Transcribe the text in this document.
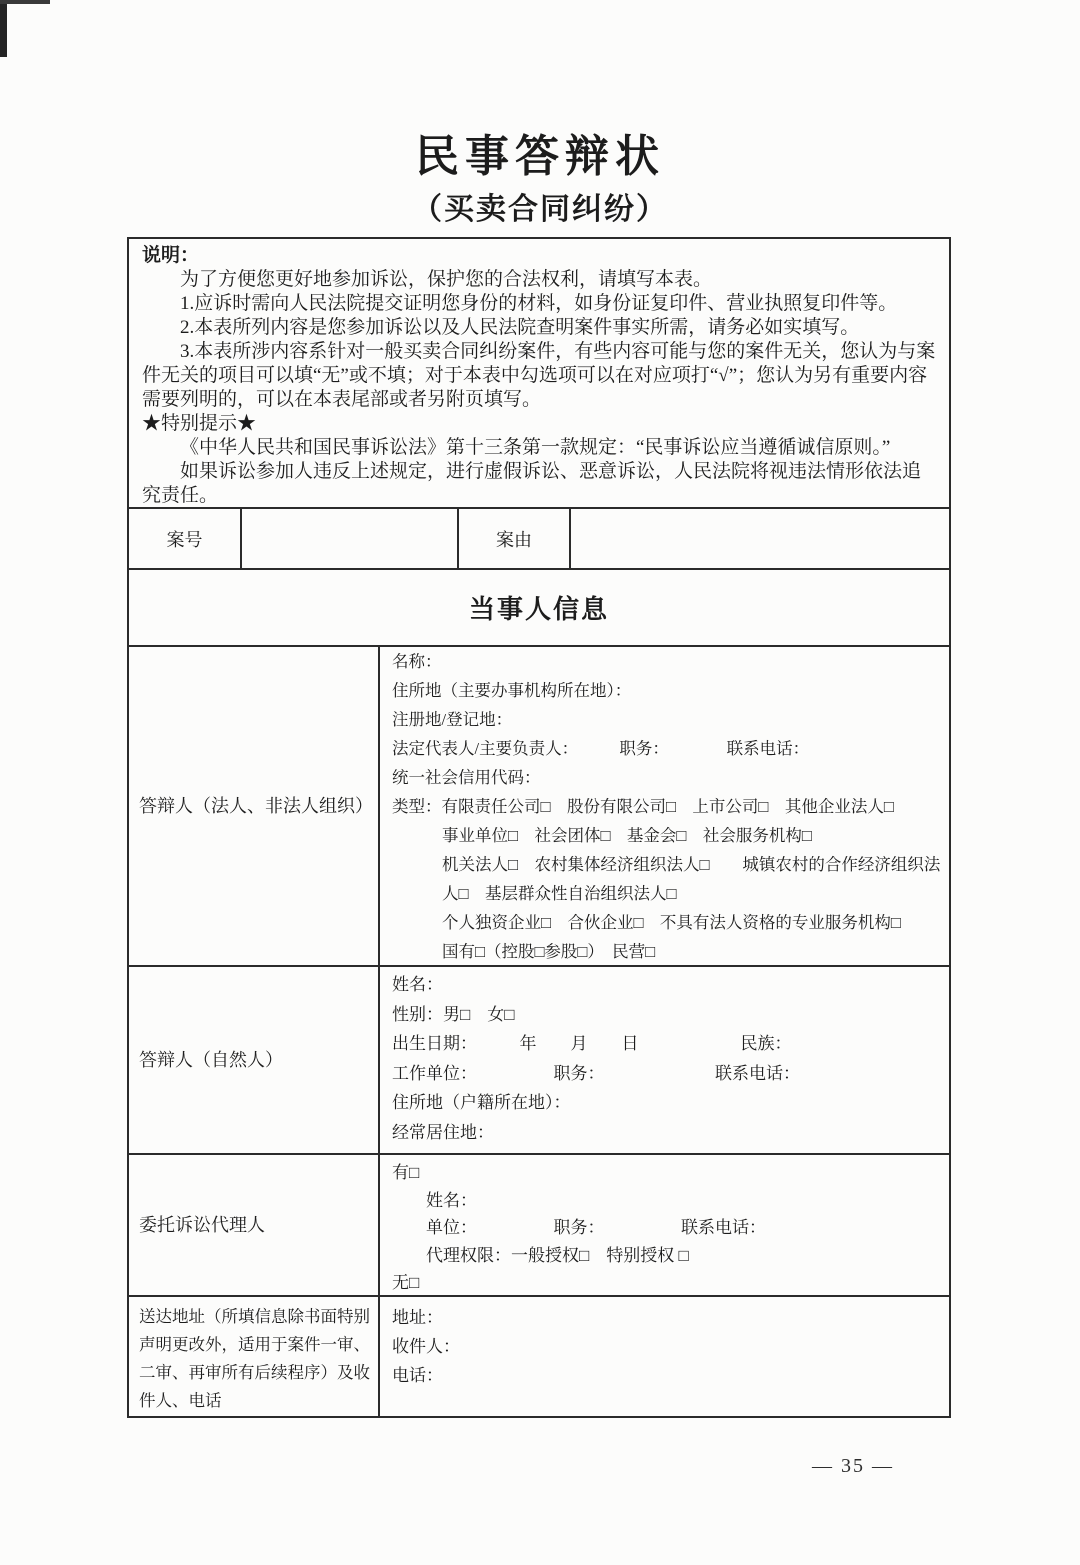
民事答辩状
（买卖合同纠纷）

说明：

为了方便您更好地参加诉讼，保护您的合法权利，请填写本表。

1.应诉时需向人民法院提交证明您身份的材料，如身份证复印件、营业执照复印件等。

2.本表所列内容是您参加诉讼以及人民法院查明案件事实所需，请务必如实填写。

3.本表所涉内容系针对一般买卖合同纠纷案件，有些内容可能与您的案件无关，您认为与案件无关的项目可以填“无”或不填；对于本表中勾选项可以在对应项打“√”；您认为另有重要内容需要列明的，可以在本表尾部或者另附页填写。

★特别提示★

《中华人民共和国民事诉讼法》第十三条第一款规定：“民事诉讼应当遵循诚信原则。”

如果诉讼参加人违反上述规定，进行虚假诉讼、恶意诉讼，人民法院将视违法情形依法追究责任。

案号	案由
当事人信息
答辩人（法人、非法人组织）
名称：
住所地（主要办事机构所在地）：
注册地/登记地：
法定代表人/主要负责人：　　　职务：　　　　联系电话：
统一社会信用代码：
类型：有限责任公司□　股份有限公司□　上市公司□　其他企业法人□
事业单位□　社会团体□　基金会□　社会服务机构□
机关法人□　农村集体经济组织法人□　　城镇农村的合作经济组织法
人□　基层群众性自治组织法人□
个人独资企业□　合伙企业□　不具有法人资格的专业服务机构□
国有□（控股□参股□）　民营□
答辩人（自然人）
姓名：
性别：男□　女□
出生日期：　　　年　　月　　日　　　　　　民族：
工作单位：　　　　　职务：　　　　　　　联系电话：
住所地（户籍所在地）：
经常居住地：
委托诉讼代理人
有□
姓名：
单位：　　　　　职务：　　　　　联系电话：
代理权限：一般授权□　特别授权 □
无□
送达地址（所填信息除书面特别声明更改外，适用于案件一审、二审、再审所有后续程序）及收件人、电话
地址：
收件人：
电话：
— 35 —
